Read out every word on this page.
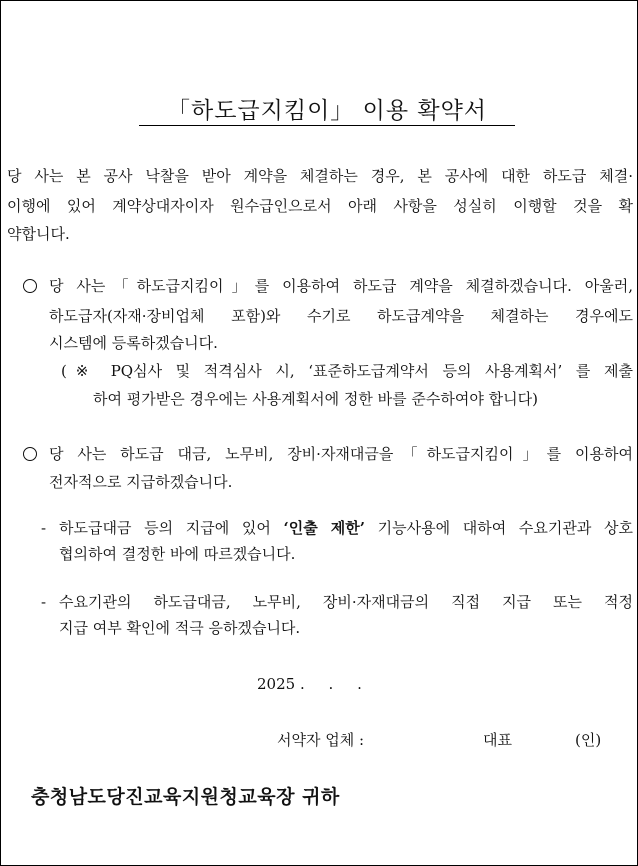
「하도급지킴이」 이용 확약서
당 사는 본 공사 낙찰을 받아 계약을 체결하는 경우, 본 공사에 대한 하도급 체결·
이행에 있어 계약상대자이자 원수급인으로서 아래 사항을 성실히 이행할 것을 확
약합니다.
당 사는「하도급지킴이」를 이용하여 하도급 계약을 체결하겠습니다. 아울러,
하도급자(자재·장비업체 포함)와 수기로 하도급계약을 체결하는 경우에도
시스템에 등록하겠습니다.
(※ PQ심사 및 적격심사 시, ‘표준하도급계약서 등의 사용계획서’ 를 제출
하여 평가받은 경우에는 사용계획서에 정한 바를 준수하여야 합니다)
당 사는 하도급 대금, 노무비, 장비·자재대금을「하도급지킴이」를 이용하여
전자적으로 지급하겠습니다.
- 하도급대금 등의 지급에 있어 ‘인출 제한’ 기능사용에 대하여 수요기관과 상호
협의하여 결정한 바에 따르겠습니다.
- 수요기관의 하도급대금, 노무비, 장비·자재대금의 직접 지급 또는 적정
지급 여부 확인에 적극 응하겠습니다.
2025 .     .     .
서약자 업체 :	대표	(인)
충청남도당진교육지원청교육장 귀하
